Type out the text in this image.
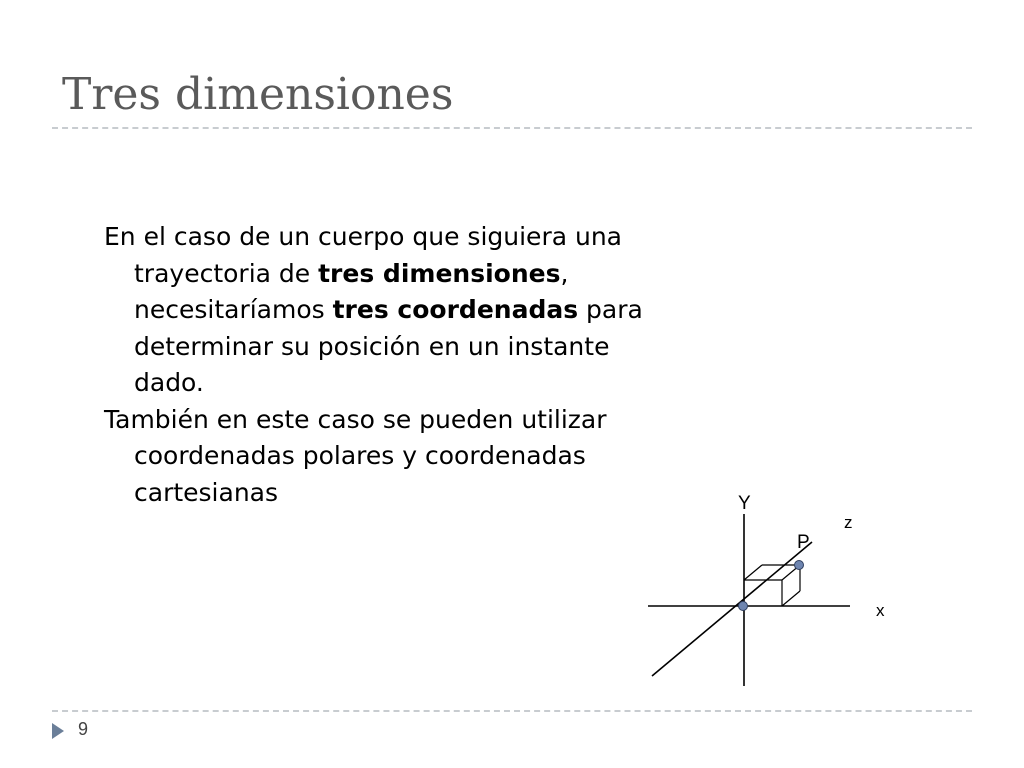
Tres dimensiones

En el caso de un cuerpo que siguiera una trayectoria de tres dimensiones, necesitaríamos tres coordenadas para determinar su posición en un instante dado.

También en este caso se pueden utilizar coordenadas polares y coordenadas cartesianas	Y
z
P
x
9
